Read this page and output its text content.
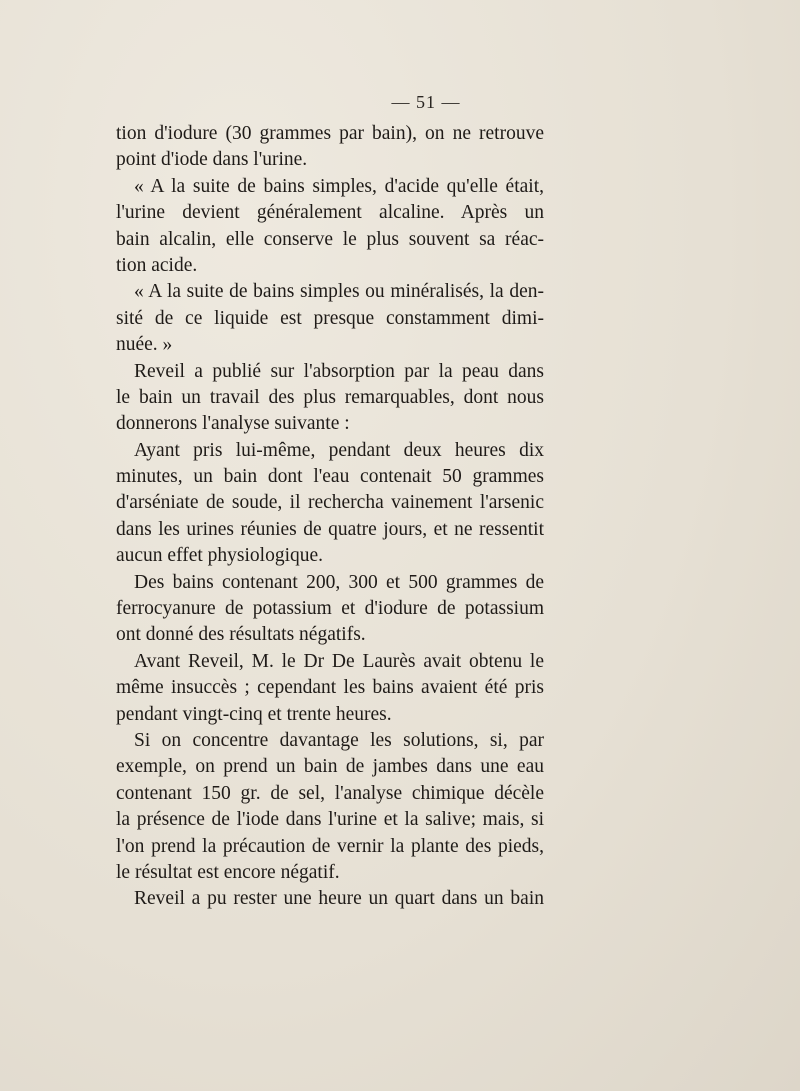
— 51 —
tion d'iodure (30 grammes par bain), on ne retrouve
point d'iode dans l'urine.
« A la suite de bains simples, d'acide qu'elle était,
l'urine devient généralement alcaline. Après un
bain alcalin, elle conserve le plus souvent sa réac-
tion acide.
« A la suite de bains simples ou minéralisés, la den-
sité de ce liquide est presque constamment dimi-
nuée. »
Reveil a publié sur l'absorption par la peau dans
le bain un travail des plus remarquables, dont nous
donnerons l'analyse suivante :
Ayant pris lui-même, pendant deux heures dix
minutes, un bain dont l'eau contenait 50 grammes
d'arséniate de soude, il rechercha vainement l'arsenic
dans les urines réunies de quatre jours, et ne ressentit
aucun effet physiologique.
Des bains contenant 200, 300 et 500 grammes de
ferrocyanure de potassium et d'iodure de potassium
ont donné des résultats négatifs.
Avant Reveil, M. le Dr De Laurès avait obtenu le
même insuccès ; cependant les bains avaient été pris
pendant vingt-cinq et trente heures.
Si on concentre davantage les solutions, si, par
exemple, on prend un bain de jambes dans une eau
contenant 150 gr. de sel, l'analyse chimique décèle
la présence de l'iode dans l'urine et la salive; mais, si
l'on prend la précaution de vernir la plante des pieds,
le résultat est encore négatif.
Reveil a pu rester une heure un quart dans un bain
